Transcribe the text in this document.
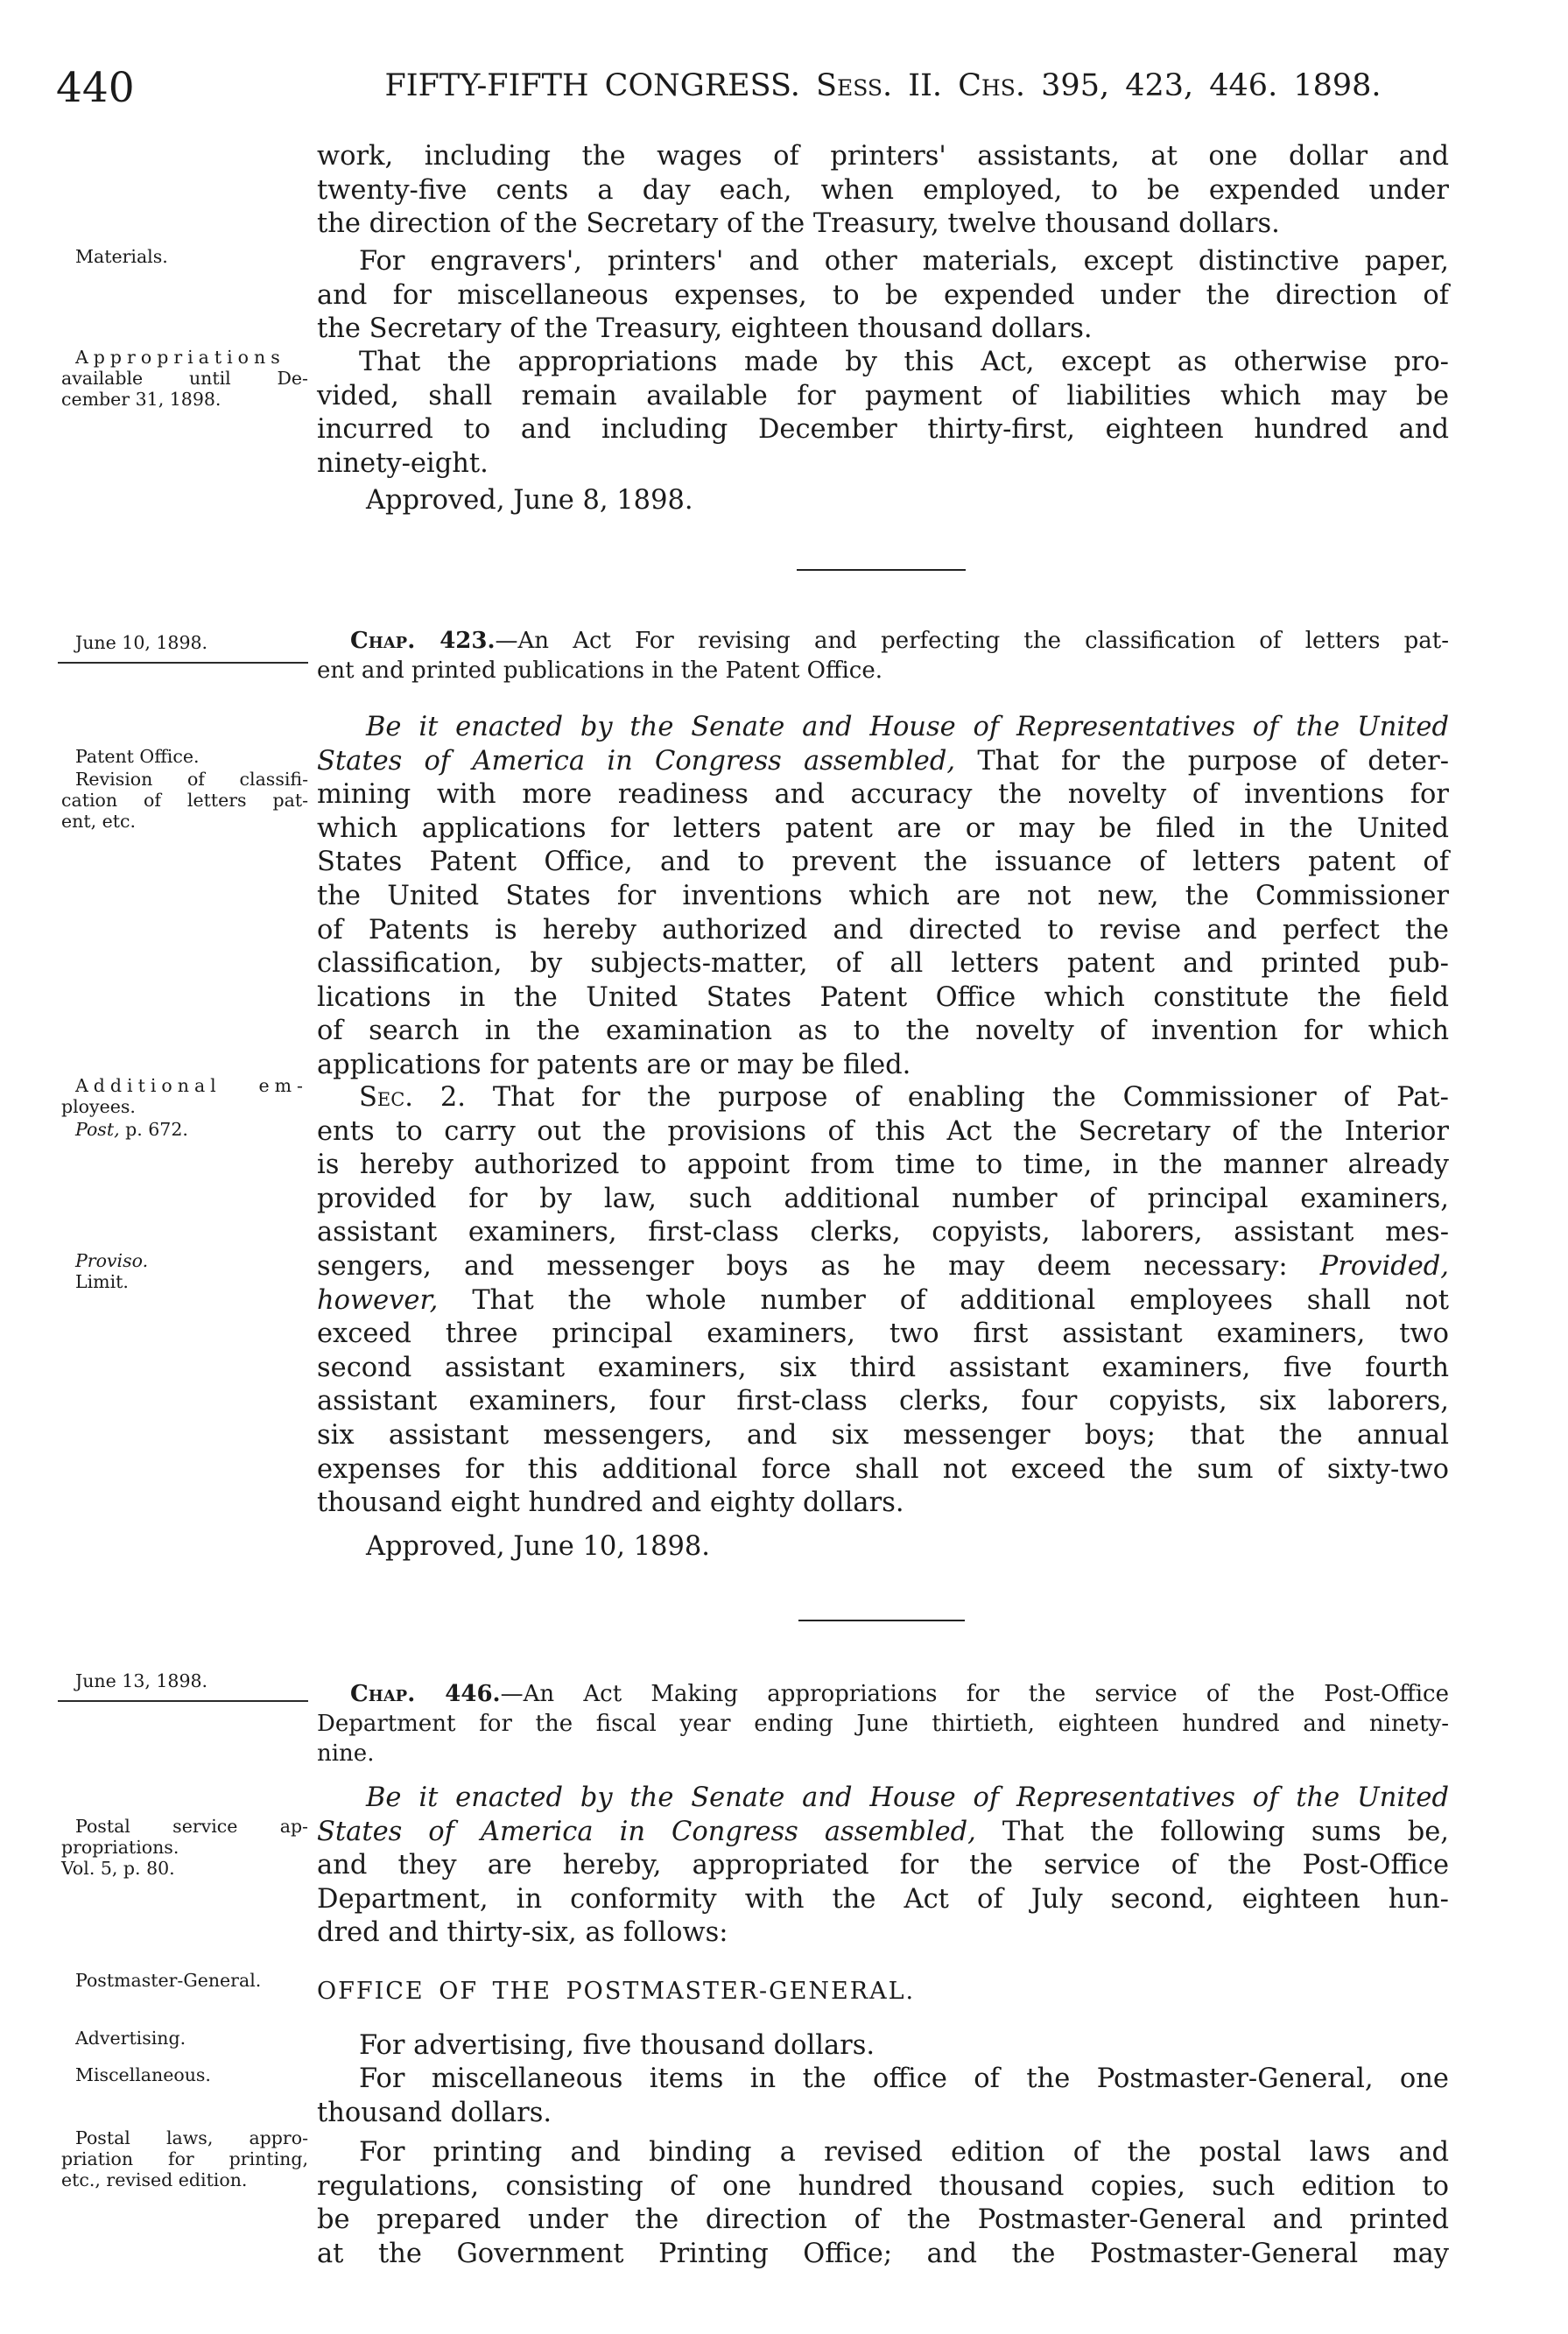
440	FIFTY-FIFTH CONGRESS. Sess. II. Chs. 395, 423, 446. 1898.
work, including the wages of printers' assistants, at one dollar and
twenty-five cents a day each, when employed, to be expended under
the direction of the Secretary of the Treasury, twelve thousand dollars.
Materials.	For engravers', printers' and other materials, except distinctive paper,
and for miscellaneous expenses, to be expended under the direction of
the Secretary of the Treasury, eighteen thousand dollars.
Appropriations
available until De-
cember 31, 1898.
That the appropriations made by this Act, except as otherwise pro-
vided, shall remain available for payment of liabilities which may be
incurred to and including December thirty-first, eighteen hundred and
ninety-eight.
Approved, June 8, 1898.
June 10, 1898.	Chap. 423.—An Act For revising and perfecting the classification of letters pat-
ent and printed publications in the Patent Office.
Patent Office.
Revision of classifi-
cation of letters pat-
ent, etc.
Be it enacted by the Senate and House of Representatives of the United
States of America in Congress assembled, That for the purpose of deter-
mining with more readiness and accuracy the novelty of inventions for
which applications for letters patent are or may be filed in the United
States Patent Office, and to prevent the issuance of letters patent of
the United States for inventions which are not new, the Commissioner
of Patents is hereby authorized and directed to revise and perfect the
classification, by subjects-matter, of all letters patent and printed pub-
lications in the United States Patent Office which constitute the field
of search in the examination as to the novelty of invention for which
applications for patents are or may be filed.
Additional em-
ployees.
Post, p. 672.
Proviso.
Limit.
Sec. 2. That for the purpose of enabling the Commissioner of Pat-
ents to carry out the provisions of this Act the Secretary of the Interior
is hereby authorized to appoint from time to time, in the manner already
provided for by law, such additional number of principal examiners,
assistant examiners, first-class clerks, copyists, laborers, assistant mes-
sengers, and messenger boys as he may deem necessary: Provided,
however, That the whole number of additional employees shall not
exceed three principal examiners, two first assistant examiners, two
second assistant examiners, six third assistant examiners, five fourth
assistant examiners, four first-class clerks, four copyists, six laborers,
six assistant messengers, and six messenger boys; that the annual
expenses for this additional force shall not exceed the sum of sixty-two
thousand eight hundred and eighty dollars.
Approved, June 10, 1898.
June 13, 1898.	Chap. 446.—An Act Making appropriations for the service of the Post-Office
Department for the fiscal year ending June thirtieth, eighteen hundred and ninety-
nine.
Postal service ap-
propriations.
Vol. 5, p. 80.
Be it enacted by the Senate and House of Representatives of the United
States of America in Congress assembled, That the following sums be,
and they are hereby, appropriated for the service of the Post-Office
Department, in conformity with the Act of July second, eighteen hun-
dred and thirty-six, as follows:
Postmaster-General.	OFFICE OF THE POSTMASTER-GENERAL.
Advertising.	For advertising, five thousand dollars.
Miscellaneous.	For miscellaneous items in the office of the Postmaster-General, one
thousand dollars.
Postal laws, appro-
priation for printing,
etc., revised edition.
For printing and binding a revised edition of the postal laws and
regulations, consisting of one hundred thousand copies, such edition to
be prepared under the direction of the Postmaster-General and printed
at the Government Printing Office; and the Postmaster-General may
